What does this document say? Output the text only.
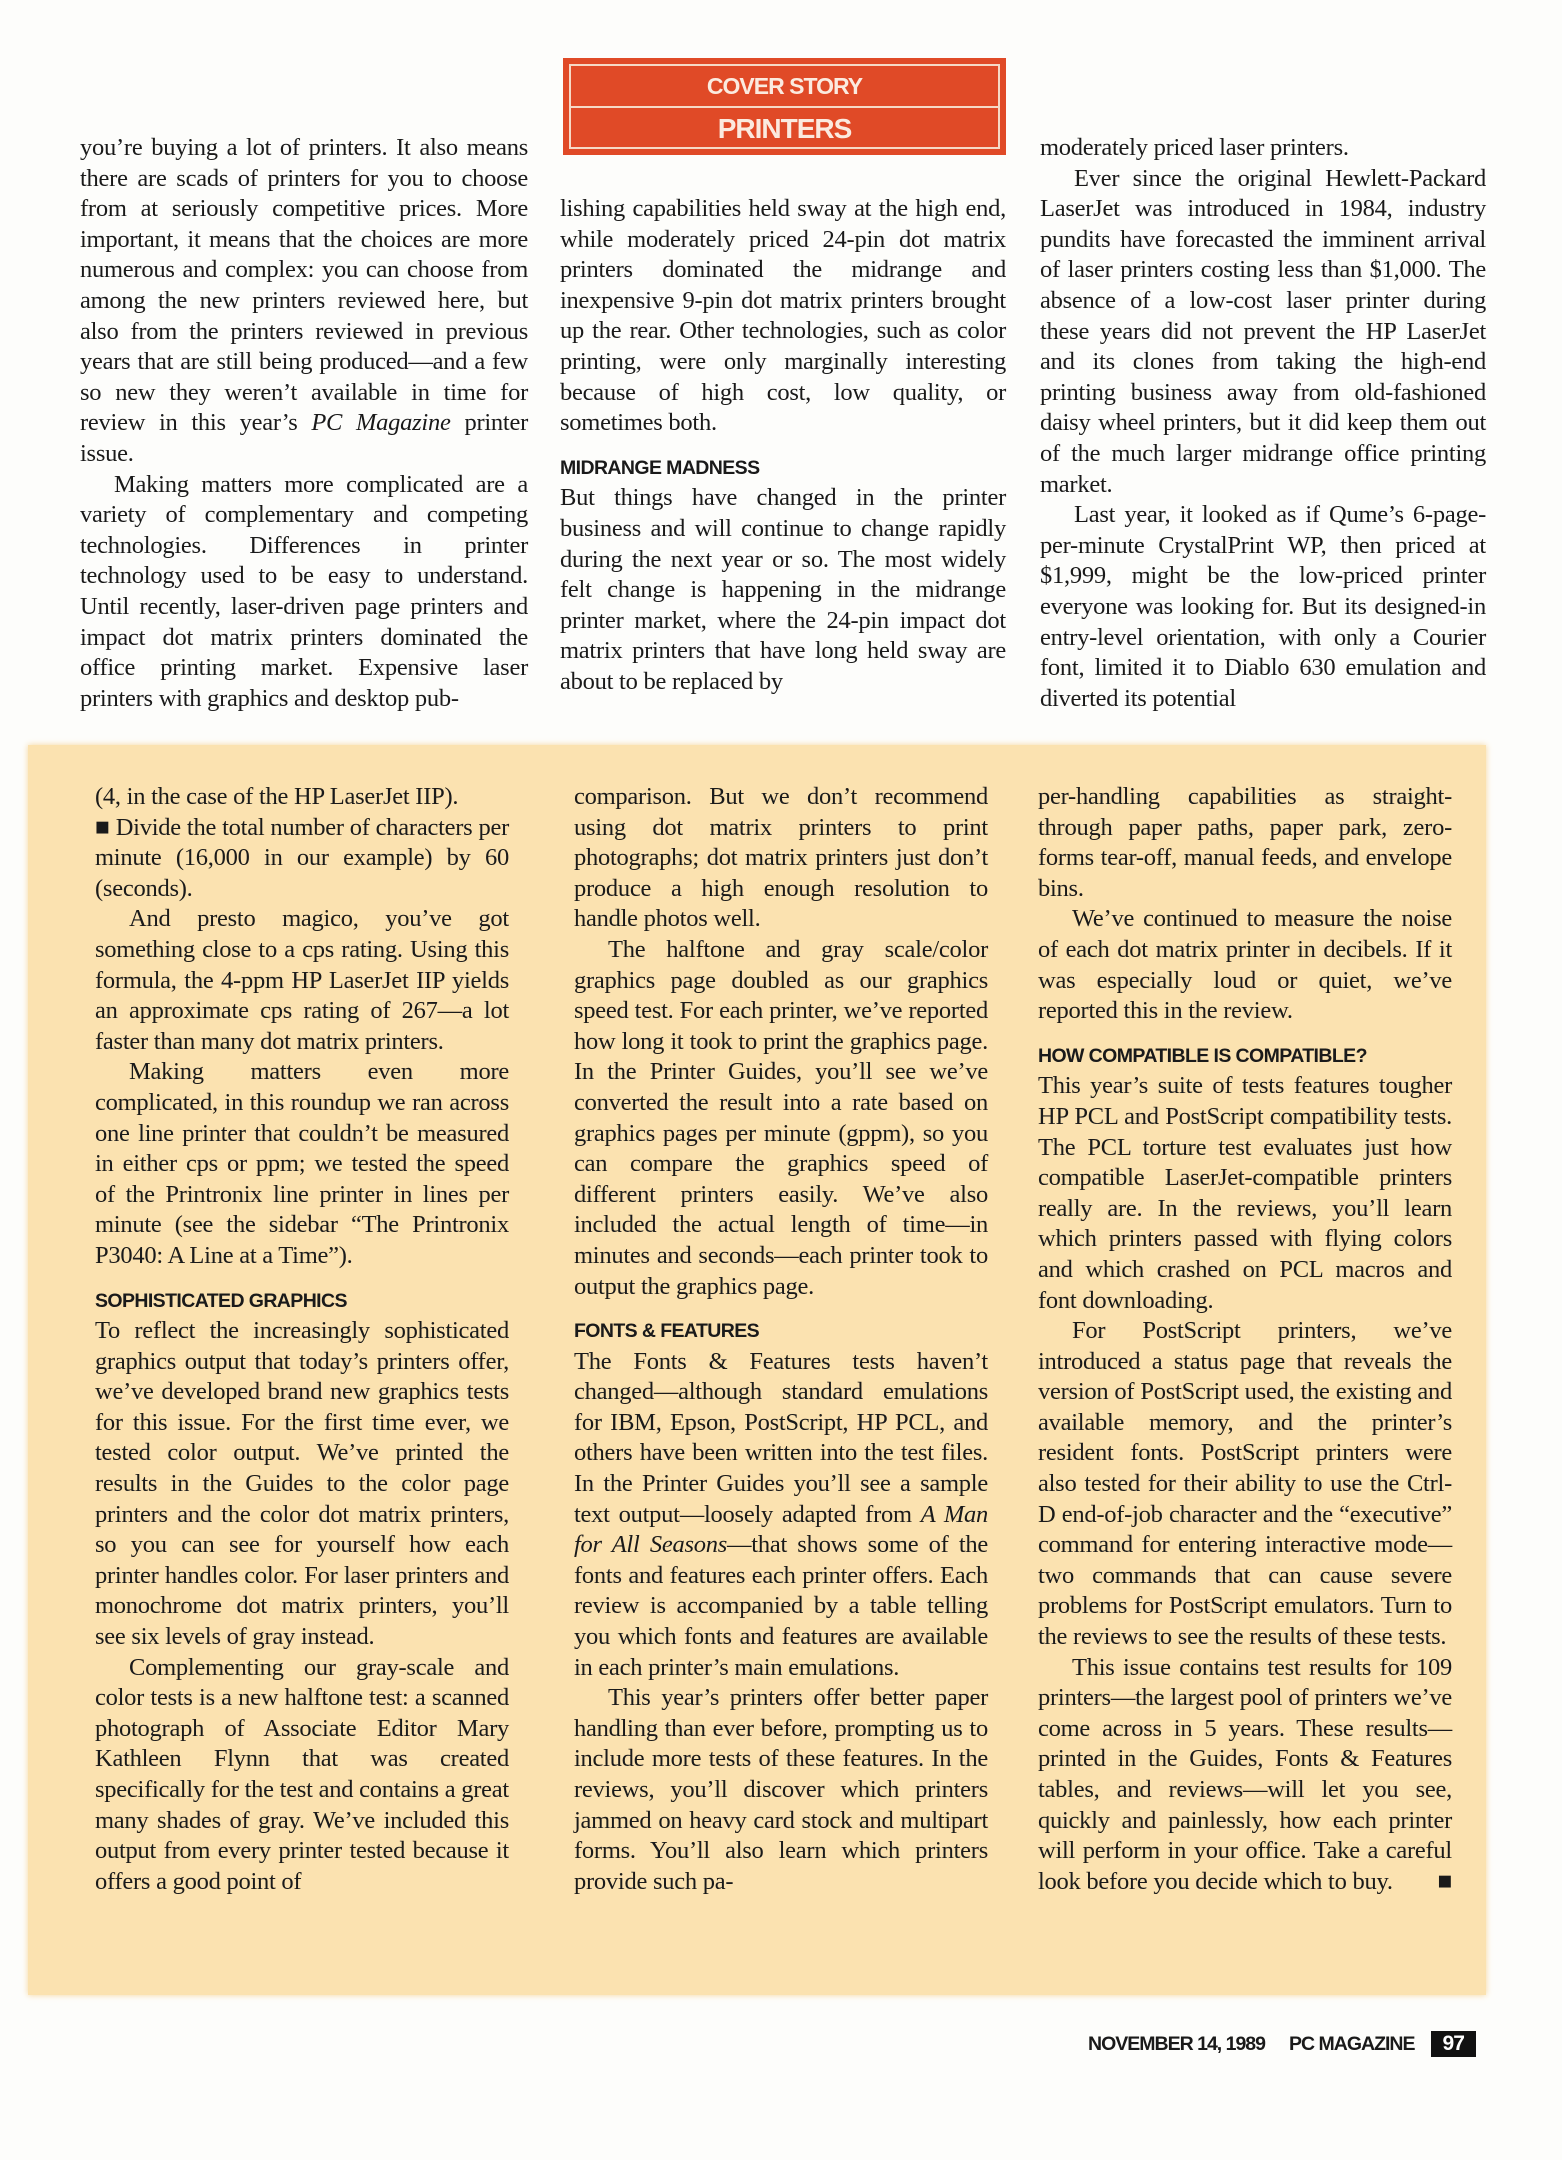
COVER STORY
PRINTERS

you’re buying a lot of printers. It also means there are scads of printers for you to choose from at seriously competitive prices. More important, it means that the choices are more numerous and complex: you can choose from among the new printers reviewed here, but also from the printers reviewed in previous years that are still being produced—and a few so new they weren’t available in time for review in this year’s PC Magazine printer issue.

Making matters more complicated are a variety of complementary and competing technologies. Differences in printer technology used to be easy to understand. Until recently, laser-driven page printers and impact dot matrix printers dominated the office printing market. Expensive laser printers with graphics and desktop pub-

lishing capabilities held sway at the high end, while moderately priced 24-pin dot matrix printers dominated the midrange and inexpensive 9-pin dot matrix printers brought up the rear. Other technologies, such as color printing, were only marginally interesting because of high cost, low quality, or sometimes both.

MIDRANGE MADNESS

But things have changed in the printer business and will continue to change rapidly during the next year or so. The most widely felt change is happening in the midrange printer market, where the 24-pin impact dot matrix printers that have long held sway are about to be replaced by

moderately priced laser printers.

Ever since the original Hewlett-Packard LaserJet was introduced in 1984, industry pundits have forecasted the imminent arrival of laser printers costing less than $1,000. The absence of a low-cost laser printer during these years did not prevent the HP LaserJet and its clones from taking the high-end printing business away from old-fashioned daisy wheel printers, but it did keep them out of the much larger midrange office printing market.

Last year, it looked as if Qume’s 6-page-per-minute CrystalPrint WP, then priced at $1,999, might be the low-priced printer everyone was looking for. But its designed-in entry-level orientation, with only a Courier font, limited it to Diablo 630 emulation and diverted its potential

(4, in the case of the HP LaserJet IIP).

■ Divide the total number of characters per minute (16,000 in our example) by 60 (seconds).

And presto magico, you’ve got something close to a cps rating. Using this formula, the 4-ppm HP LaserJet IIP yields an approximate cps rating of 267—a lot faster than many dot matrix printers.

Making matters even more complicated, in this roundup we ran across one line printer that couldn’t be measured in either cps or ppm; we tested the speed of the Printronix line printer in lines per minute (see the sidebar “The Printronix P3040: A Line at a Time”).

SOPHISTICATED GRAPHICS

To reflect the increasingly sophisticated graphics output that today’s printers offer, we’ve developed brand new graphics tests for this issue. For the first time ever, we tested color output. We’ve printed the results in the Guides to the color page printers and the color dot matrix printers, so you can see for yourself how each printer handles color. For laser printers and monochrome dot matrix printers, you’ll see six levels of gray instead.

Complementing our gray-scale and color tests is a new halftone test: a scanned photograph of Associate Editor Mary Kathleen Flynn that was created specifically for the test and contains a great many shades of gray. We’ve included this output from every printer tested because it offers a good point of

comparison. But we don’t recommend using dot matrix printers to print photographs; dot matrix printers just don’t produce a high enough resolution to handle photos well.

The halftone and gray scale/color graphics page doubled as our graphics speed test. For each printer, we’ve reported how long it took to print the graphics page. In the Printer Guides, you’ll see we’ve converted the result into a rate based on graphics pages per minute (gppm), so you can compare the graphics speed of different printers easily. We’ve also included the actual length of time—in minutes and seconds—each printer took to output the graphics page.

FONTS & FEATURES

The Fonts & Features tests haven’t changed—although standard emulations for IBM, Epson, PostScript, HP PCL, and others have been written into the test files. In the Printer Guides you’ll see a sample text output—loosely adapted from A Man for All Seasons—that shows some of the fonts and features each printer offers. Each review is accompanied by a table telling you which fonts and features are available in each printer’s main emulations.

This year’s printers offer better paper handling than ever before, prompting us to include more tests of these features. In the reviews, you’ll discover which printers jammed on heavy card stock and multipart forms. You’ll also learn which printers provide such pa-

per-handling capabilities as straight-through paper paths, paper park, zero-forms tear-off, manual feeds, and envelope bins.

We’ve continued to measure the noise of each dot matrix printer in decibels. If it was especially loud or quiet, we’ve reported this in the review.

HOW COMPATIBLE IS COMPATIBLE?

This year’s suite of tests features tougher HP PCL and PostScript compatibility tests. The PCL torture test evaluates just how compatible LaserJet-compatible printers really are. In the reviews, you’ll learn which printers passed with flying colors and which crashed on PCL macros and font downloading.

For PostScript printers, we’ve introduced a status page that reveals the version of PostScript used, the existing and available memory, and the printer’s resident fonts. PostScript printers were also tested for their ability to use the Ctrl-D end-of-job character and the “executive” command for entering interactive mode—two commands that can cause severe problems for PostScript emulators. Turn to the reviews to see the results of these tests.

This issue contains test results for 109 printers—the largest pool of printers we’ve come across in 5 years. These results—printed in the Guides, Fonts & Features tables, and reviews—will let you see, quickly and painlessly, how each printer will perform in your office. Take a careful look before you decide which to buy.	■

NOVEMBER 14, 1989 PC MAGAZINE	97
